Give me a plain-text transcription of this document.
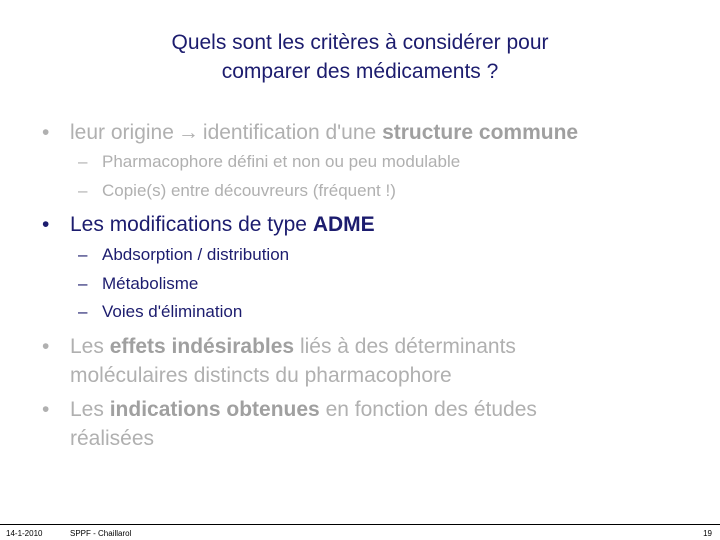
Quels sont les critères à considérer pour
comparer des médicaments ?
• leur origine → identification d'une structure commune
– Pharmacophore défini et non ou peu modulable
– Copie(s) entre découvreurs (fréquent !)
• Les modifications de type ADME
– Abdsorption / distribution
– Métabolisme
– Voies d'élimination
• Les effets indésirables liés à des déterminants
moléculaires distincts du pharmacophore
• Les indications obtenues en fonction des études
réalisées
14-1-2010	SPPF - Chaillarol	19
